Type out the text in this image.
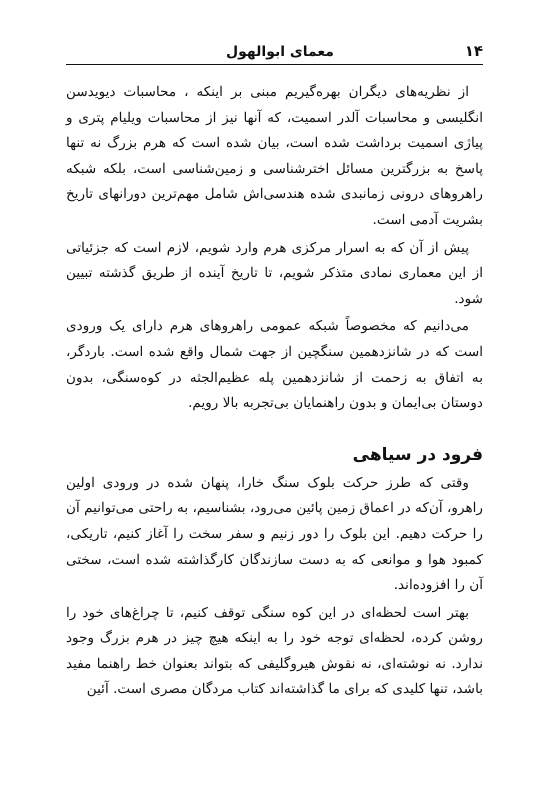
۱۴
معمای ابوالهول

از نظریه‌های دیگران بهره‌گیریم مبنی بر اینکه ، محاسبات دیویدسن انگلیسی و محاسبات آلدر اسمیت، که آنها نیز از محاسبات ویلیام پتری و پیاژی اسمیت برداشت شده است، بیان شده است که هرم بزرگ نه تنها پاسخ به بزرگترین مسائل اخترشناسی و زمین‌شناسی است، بلکه شبکه راهروهای درونی زمانبدی شده هندسی‌اش شامل مهم‌ترین دورانهای تاریخ بشریت آدمی است.

پیش از آن که به اسرار مرکزی هرم وارد شویم، لازم است که جزئیاتی از این معماری نمادی متذکر شویم، تا تاریخ آینده از طریق گذشته تبیین شود.

می‌دانیم که مخصوصاً شبکه عمومی راهروهای هرم دارای یک ورودی است که در شانزدهمین سنگچین از جهت شمال واقع شده است. باردگر، به اتفاق به زحمت از شانزدهمین پله عظیم‌الجثه در کوه‌سنگی، بدون دوستان بی‌ایمان و بدون راهنمایان بی‌تجربه بالا رویم.

فرود در سیاهی

وقتی که طرز حرکت بلوک سنگ خارا، پنهان شده در ورودی اولین راهرو، آن‌که در اعماق زمین پائین می‌رود، بشناسیم، به راحتی می‌توانیم آن را حرکت دهیم. این بلوک را دور زنیم و سفر سخت را آغاز کنیم، تاریکی، کمبود هوا و موانعی که به دست سازندگان کارگذاشته شده است، سختی آن را افزوده‌اند.

بهتر است لحظه‌ای در این کوه سنگی توقف کنیم، تا چراغ‌های خود را روشن کرده، لحظه‌ای توجه خود را به اینکه هیچ چیز در هرم بزرگ وجود ندارد. نه نوشته‌ای، نه نقوش هیروگلیفی که بتواند بعنوان خط راهنما مفید باشد، تنها کلیدی که برای ما گذاشته‌اند کتاب مردگان مصری است. آئین
